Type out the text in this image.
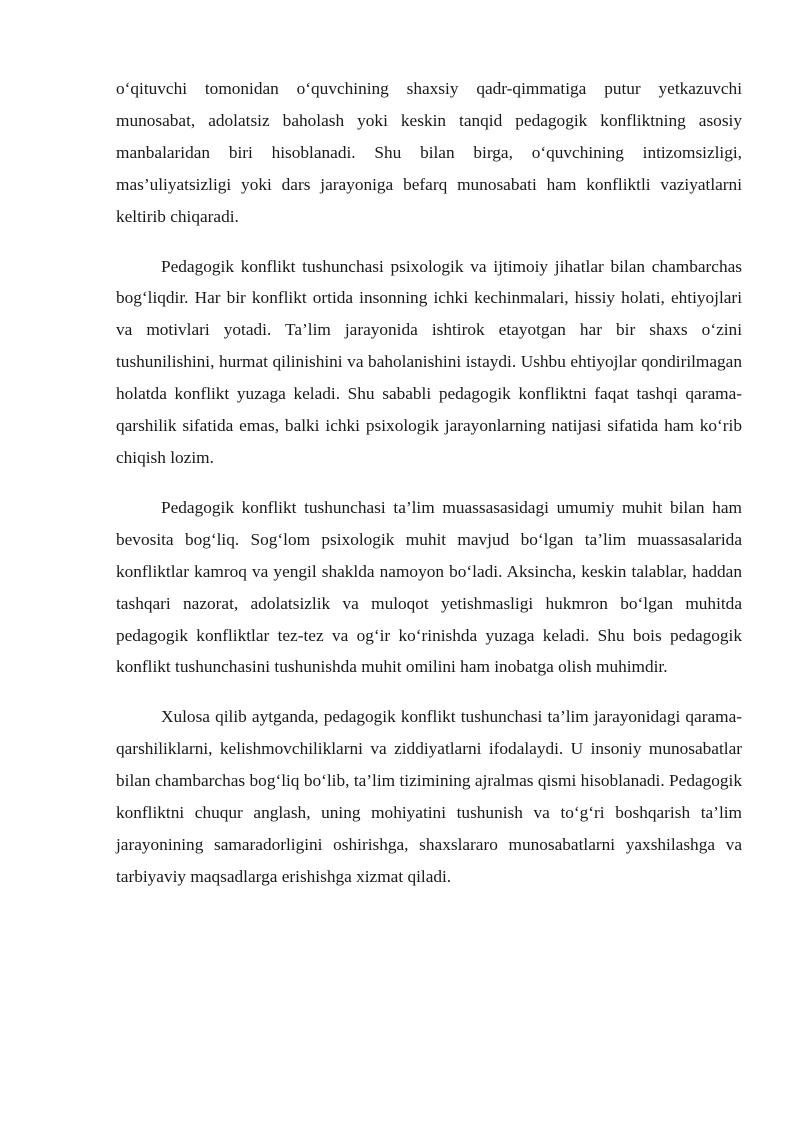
o‘qituvchi tomonidan o‘quvchining shaxsiy qadr-qimmatiga putur yetkazuvchi munosabat, adolatsiz baholash yoki keskin tanqid pedagogik konfliktning asosiy manbalaridan biri hisoblanadi. Shu bilan birga, o‘quvchining intizomsizligi, mas’uliyatsizligi yoki dars jarayoniga befarq munosabati ham konfliktli vaziyatlarni keltirib chiqaradi.

Pedagogik konflikt tushunchasi psixologik va ijtimoiy jihatlar bilan chambarchas bog‘liqdir. Har bir konflikt ortida insonning ichki kechinmalari, hissiy holati, ehtiyojlari va motivlari yotadi. Ta’lim jarayonida ishtirok etayotgan har bir shaxs o‘zini tushunilishini, hurmat qilinishini va baholanishini istaydi. Ushbu ehtiyojlar qondirilmagan holatda konflikt yuzaga keladi. Shu sababli pedagogik konfliktni faqat tashqi qarama-qarshilik sifatida emas, balki ichki psixologik jarayonlarning natijasi sifatida ham ko‘rib chiqish lozim.

Pedagogik konflikt tushunchasi ta’lim muassasasidagi umumiy muhit bilan ham bevosita bog‘liq. Sog‘lom psixologik muhit mavjud bo‘lgan ta’lim muassasalarida konfliktlar kamroq va yengil shaklda namoyon bo‘ladi. Aksincha, keskin talablar, haddan tashqari nazorat, adolatsizlik va muloqot yetishmasligi hukmron bo‘lgan muhitda pedagogik konfliktlar tez-tez va og‘ir ko‘rinishda yuzaga keladi. Shu bois pedagogik konflikt tushunchasini tushunishda muhit omilini ham inobatga olish muhimdir.

Xulosa qilib aytganda, pedagogik konflikt tushunchasi ta’lim jarayonidagi qarama-qarshiliklarni, kelishmovchiliklarni va ziddiyatlarni ifodalaydi. U insoniy munosabatlar bilan chambarchas bog‘liq bo‘lib, ta’lim tizimining ajralmas qismi hisoblanadi. Pedagogik konfliktni chuqur anglash, uning mohiyatini tushunish va to‘g‘ri boshqarish ta’lim jarayonining samaradorligini oshirishga, shaxslararo munosabatlarni yaxshilashga va tarbiyaviy maqsadlarga erishishga xizmat qiladi.
